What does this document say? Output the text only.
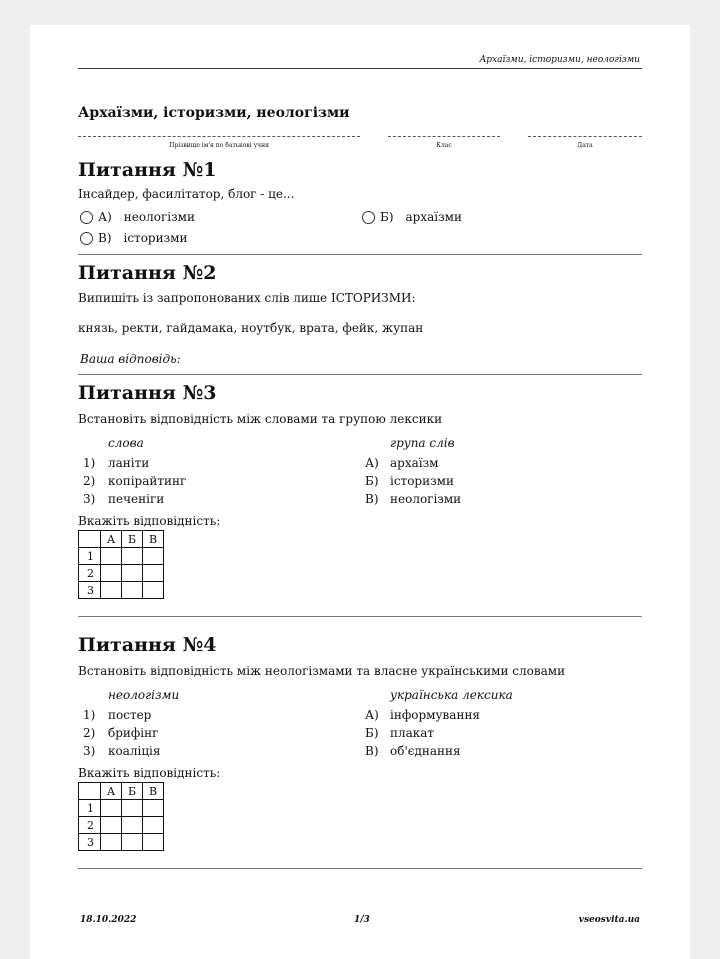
Архаїзми, історизми, неологізми
Архаїзми, історизми, неологізми
Прізвище ім'я по батькові учня	Клас	Дата
Питання №1
Інсайдер, фасилітатор, блог - це...
А) неологізми	Б) архаїзми
В) історизми
Питання №2
Випишіть із запропонованих слів лише ІСТОРИЗМИ:
князь, ректи, гайдамака, ноутбук, врата, фейк, жупан
Ваша відповідь:
Питання №3
Встановіть відповідність між словами та групою лексики
слова	група слів
1) ланіти
2) копірайтинг
3) печеніги
А) архаїзм
Б) історизми
В) неологізми
Вкажіть відповідність:
	А	Б	В
1			
2			
3			
Питання №4
Встановіть відповідність між неологізмами та власне українськими словами
неологізми	українська лексика
1) постер
2) брифінг
3) коаліція
А) інформування
Б) плакат
В) об'єднання
Вкажіть відповідність:
	А	Б	В
1			
2			
3			
18.10.2022	1/3	vseosvita.ua
